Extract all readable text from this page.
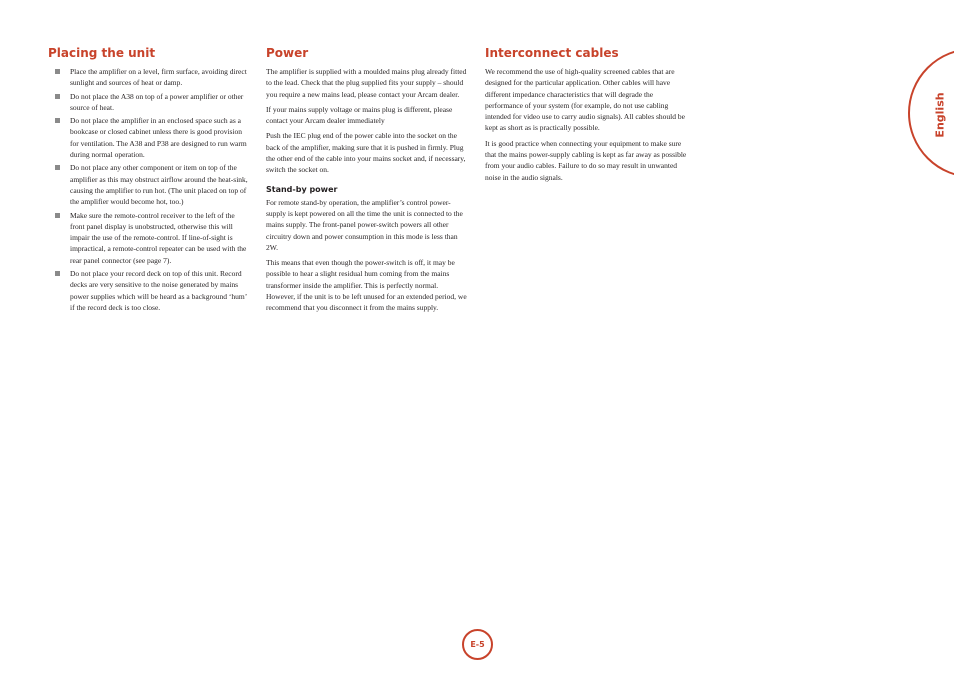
Placing the unit
Place the amplifier on a level, firm surface, avoiding direct sunlight and sources of heat or damp.
Do not place the A38 on top of a power amplifier or other source of heat.
Do not place the amplifier in an enclosed space such as a bookcase or closed cabinet unless there is good provision for ventilation. The A38 and P38 are designed to run warm during normal operation.
Do not place any other component or item on top of the amplifier as this may obstruct airflow around the heat-sink, causing the amplifier to run hot. (The unit placed on top of the amplifier would become hot, too.)
Make sure the remote-control receiver to the left of the front panel display is unobstructed, otherwise this will impair the use of the remote-control. If line-of-sight is impractical, a remote-control repeater can be used with the rear panel connector (see page 7).
Do not place your record deck on top of this unit. Record decks are very sensitive to the noise generated by mains power supplies which will be heard as a background ‘hum’ if the record deck is too close.
Power

The amplifier is supplied with a moulded mains plug already fitted to the lead. Check that the plug supplied fits your supply – should you require a new mains lead, please contact your Arcam dealer.

If your mains supply voltage or mains plug is different, please contact your Arcam dealer immediately

Push the IEC plug end of the power cable into the socket on the back of the amplifier, making sure that it is pushed in firmly. Plug the other end of the cable into your mains socket and, if necessary, switch the socket on.

Stand-by power

For remote stand-by operation, the amplifier’s control power-supply is kept powered on all the time the unit is connected to the mains supply. The front-panel power-switch powers all other circuitry down and power consumption in this mode is less than 2W.

This means that even though the power-switch is off, it may be possible to hear a slight residual hum coming from the mains transformer inside the amplifier. This is perfectly normal. However, if the unit is to be left unused for an extended period, we recommend that you disconnect it from the mains supply.

Interconnect cables

We recommend the use of high-quality screened cables that are designed for the particular application. Other cables will have different impedance characteristics that will degrade the performance of your system (for example, do not use cabling intended for video use to carry audio signals). All cables should be kept as short as is practically possible.

It is good practice when connecting your equipment to make sure that the mains power-supply cabling is kept as far away as possible from your audio cables. Failure to do so may result in unwanted noise in the audio signals.

English
E-5
